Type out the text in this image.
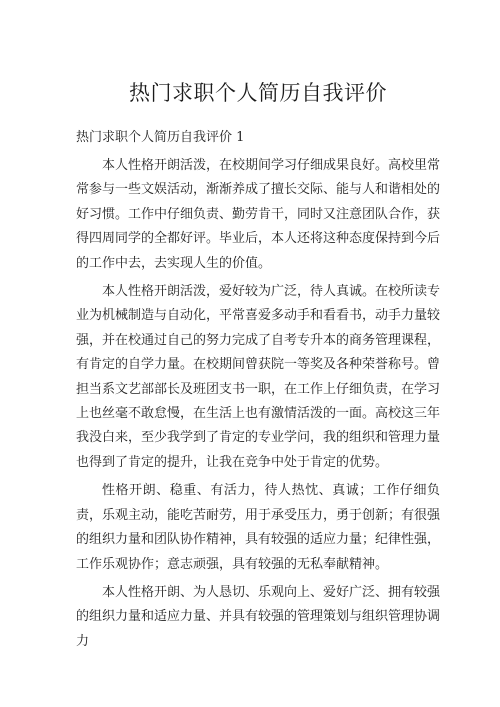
热门求职个人简历自我评价

热门求职个人简历自我评价 1

本人性格开朗活泼，在校期间学习仔细成果良好。高校里常常参与一些文娱活动，渐渐养成了擅长交际、能与人和谐相处的好习惯。工作中仔细负责、勤劳肯干，同时又注意团队合作，获得四周同学的全都好评。毕业后，本人还将这种态度保持到今后的工作中去，去实现人生的价值。

本人性格开朗活泼，爱好较为广泛，待人真诚。在校所读专业为机械制造与自动化，平常喜爱多动手和看看书，动手力量较强，并在校通过自己的努力完成了自考专升本的商务管理课程，有肯定的自学力量。在校期间曾获院一等奖及各种荣誉称号。曾担当系文艺部部长及班团支书一职，在工作上仔细负责，在学习上也丝毫不敢怠慢，在生活上也有激情活泼的一面。高校这三年我没白来，至少我学到了肯定的专业学问，我的组织和管理力量也得到了肯定的提升，让我在竞争中处于肯定的优势。

性格开朗、稳重、有活力，待人热忱、真诚；工作仔细负责，乐观主动，能吃苦耐劳，用于承受压力，勇于创新；有很强的组织力量和团队协作精神，具有较强的适应力量；纪律性强，工作乐观协作；意志顽强，具有较强的无私奉献精神。

本人性格开朗、为人恳切、乐观向上、爱好广泛、拥有较强的组织力量和适应力量、并具有较强的管理策划与组织管理协调力
